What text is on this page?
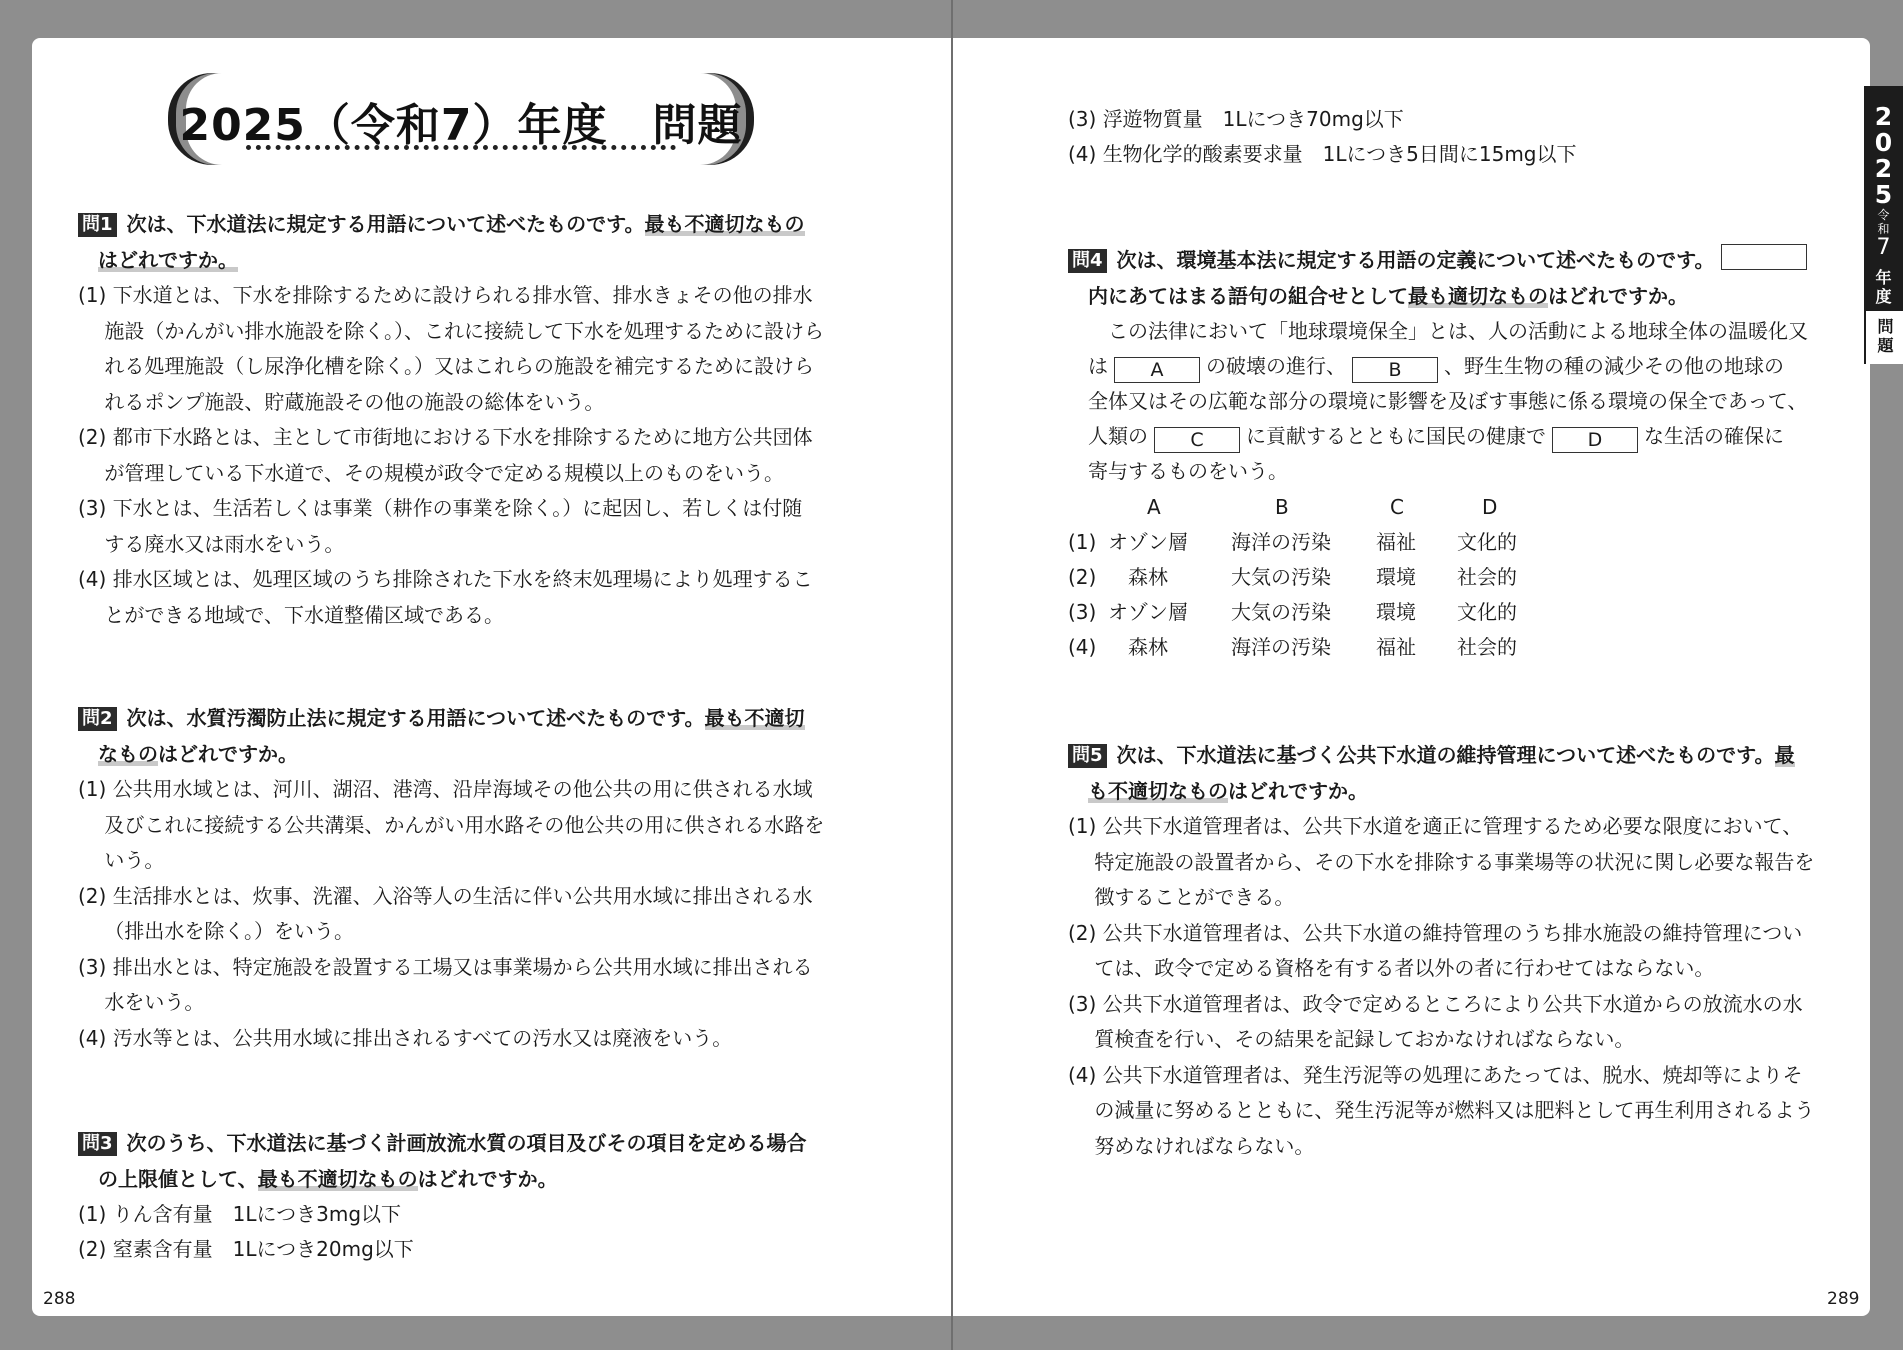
2025（令和7）年度　問題
問1 次は、下水道法に規定する用語について述べたものです。最も不適切なもの
はどれですか。
(1) 下水道とは、下水を排除するために設けられる排水管、排水きょその他の排水
　 施設（かんがい排水施設を除く。）、これに接続して下水を処理するために設けら
　 れる処理施設（し尿浄化槽を除く。）又はこれらの施設を補完するために設けら
　 れるポンプ施設、貯蔵施設その他の施設の総体をいう。
(2) 都市下水路とは、主として市街地における下水を排除するために地方公共団体
　 が管理している下水道で、その規模が政令で定める規模以上のものをいう。
(3) 下水とは、生活若しくは事業（耕作の事業を除く。）に起因し、若しくは付随
　 する廃水又は雨水をいう。
(4) 排水区域とは、処理区域のうち排除された下水を終末処理場により処理するこ
　 とができる地域で、下水道整備区域である。
問2 次は、水質汚濁防止法に規定する用語について述べたものです。最も不適切
なものはどれですか。
(1) 公共用水域とは、河川、湖沼、港湾、沿岸海域その他公共の用に供される水域
　 及びこれに接続する公共溝渠、かんがい用水路その他公共の用に供される水路を
　 いう。
(2) 生活排水とは、炊事、洗濯、入浴等人の生活に伴い公共用水域に排出される水
　 （排出水を除く。）をいう。
(3) 排出水とは、特定施設を設置する工場又は事業場から公共用水域に排出される
　 水をいう。
(4) 汚水等とは、公共用水域に排出されるすべての汚水又は廃液をいう。
問3 次のうち、下水道法に基づく計画放流水質の項目及びその項目を定める場合
の上限値として、最も不適切なものはどれですか。
(1) りん含有量　1Lにつき3mg以下
(2) 窒素含有量　1Lにつき20mg以下
(3) 浮遊物質量　1Lにつき70mg以下
(4) 生物化学的酸素要求量　1Lにつき5日間に15mg以下
問4 次は、環境基本法に規定する用語の定義について述べたものです。
内にあてはまる語句の組合せとして最も適切なものはどれですか。
この法律において「地球環境保全」とは、人の活動による地球全体の温暖化又
は A の破壊の進行、 B 、野生生物の種の減少その他の地球の
全体又はその広範な部分の環境に影響を及ぼす事態に係る環境の保全であって、
人類の C に貢献するとともに国民の健康で D な生活の確保に
寄与するものをいう。
A	B	C	D
(1) オゾン層 海洋の汚染 福祉 文化的
(2) 森林	大気の汚染 環境 社会的
(3) オゾン層 大気の汚染 環境 文化的
(4) 森林	海洋の汚染 福祉 社会的
問5 次は、下水道法に基づく公共下水道の維持管理について述べたものです。最
も不適切なものはどれですか。
(1) 公共下水道管理者は、公共下水道を適正に管理するため必要な限度において、
　 特定施設の設置者から、その下水を排除する事業場等の状況に関し必要な報告を
　 徴することができる。
(2) 公共下水道管理者は、公共下水道の維持管理のうち排水施設の維持管理につい
　 ては、政令で定める資格を有する者以外の者に行わせてはならない。
(3) 公共下水道管理者は、政令で定めるところにより公共下水道からの放流水の水
　 質検査を行い、その結果を記録しておかなければならない。
(4) 公共下水道管理者は、発生汚泥等の処理にあたっては、脱水、焼却等によりそ
　 の減量に努めるとともに、発生汚泥等が燃料又は肥料として再生利用されるよう
　 努めなければならない。
2
0
2
5
令
和
7
年
度
問
題
288	289
